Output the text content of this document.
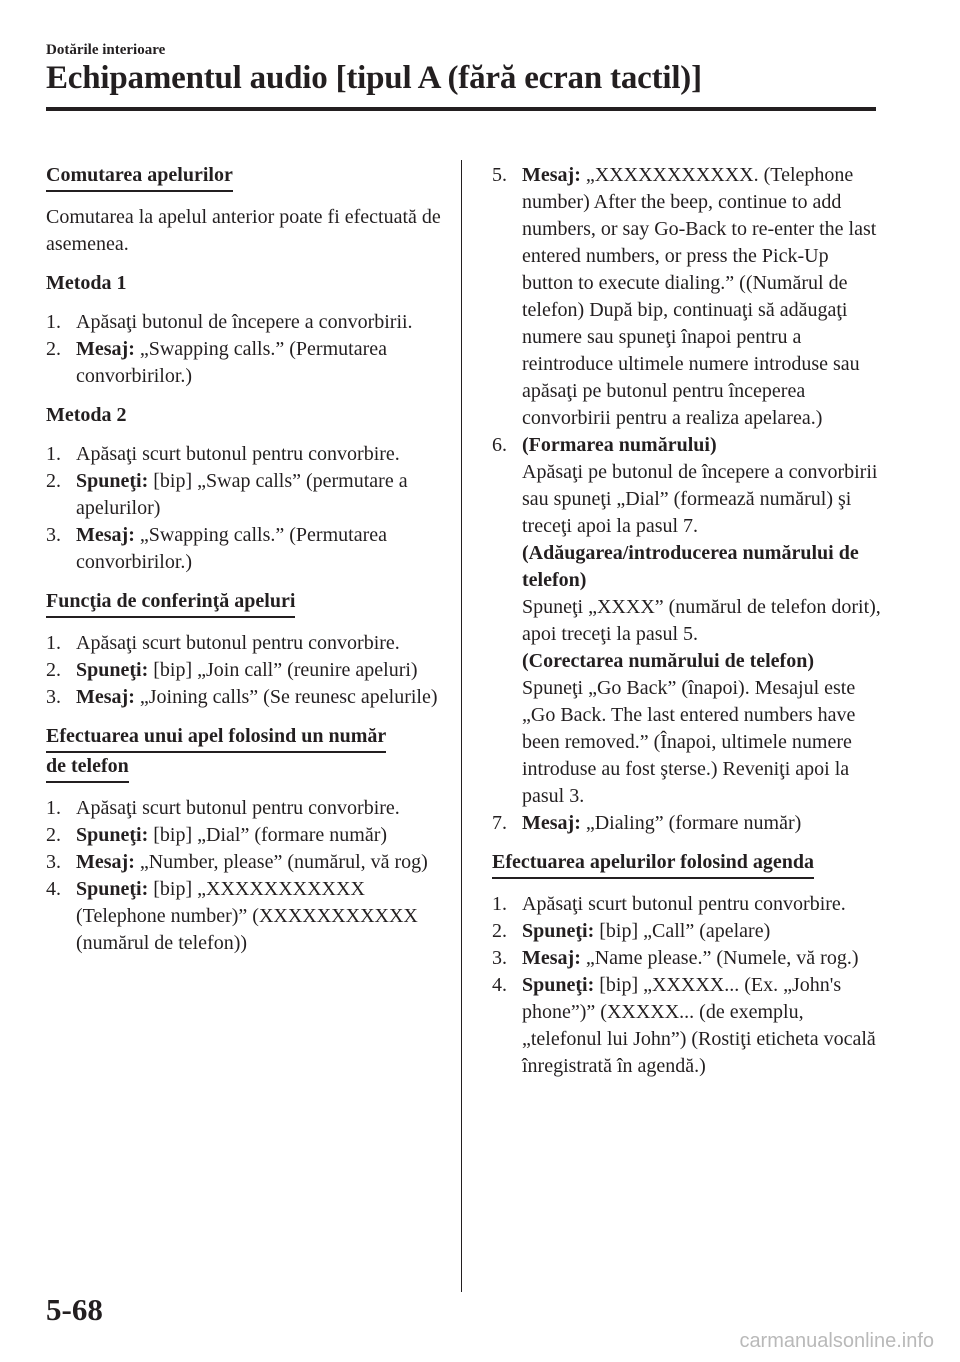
Dotările interioare
Echipamentul audio [tipul A (fără ecran tactil)]
Comutarea apelurilor
Comutarea la apelul anterior poate fi efectuată de asemenea.
Metoda 1
1. Apăsaţi butonul de începere a convorbirii.
2. Mesaj: „Swapping calls.” (Permutarea convorbirilor.)
Metoda 2
1. Apăsaţi scurt butonul pentru convorbire.
2. Spuneţi: [bip] „Swap calls” (permutare a apelurilor)
3. Mesaj: „Swapping calls.” (Permutarea convorbirilor.)
Funcţia de conferinţă apeluri
1. Apăsaţi scurt butonul pentru convorbire.
2. Spuneţi: [bip] „Join call” (reunire apeluri)
3. Mesaj: „Joining calls” (Se reunesc apelurile)
Efectuarea unui apel folosind un număr
de telefon
1. Apăsaţi scurt butonul pentru convorbire.
2. Spuneţi: [bip] „Dial” (formare număr)
3. Mesaj: „Number, please” (numărul, vă rog)
4. Spuneţi: [bip] „XXXXXXXXXXX (Telephone number)” (XXXXXXXXXXX (numărul de telefon))
5. Mesaj: „XXXXXXXXXXX. (Telephone number) After the beep, continue to add numbers, or say Go-Back to re-enter the last entered numbers, or press the Pick-Up button to execute dialing.” ((Numărul de telefon) După bip, continuaţi să adăugaţi numere sau spuneţi înapoi pentru a reintroduce ultimele numere introduse sau apăsaţi pe butonul pentru începerea convorbirii pentru a realiza apelarea.)
6. (Formarea numărului)
Apăsaţi pe butonul de începere a convorbirii sau spuneţi „Dial” (formează numărul) şi treceţi apoi la pasul 7.
(Adăugarea/introducerea numărului de telefon)
Spuneţi „XXXX” (numărul de telefon dorit), apoi treceţi la pasul 5.
(Corectarea numărului de telefon)
Spuneţi „Go Back” (înapoi). Mesajul este „Go Back. The last entered numbers have been removed.” (Înapoi, ultimele numere introduse au fost şterse.) Reveniţi apoi la pasul 3.
7. Mesaj: „Dialing” (formare număr)
Efectuarea apelurilor folosind agenda
1. Apăsaţi scurt butonul pentru convorbire.
2. Spuneţi: [bip] „Call” (apelare)
3. Mesaj: „Name please.” (Numele, vă rog.)
4. Spuneţi: [bip] „XXXXX... (Ex. „John's phone”)” (XXXXX... (de exemplu, „telefonul lui John”) (Rostiţi eticheta vocală înregistrată în agendă.)
5-68
carmanualsonline.info
